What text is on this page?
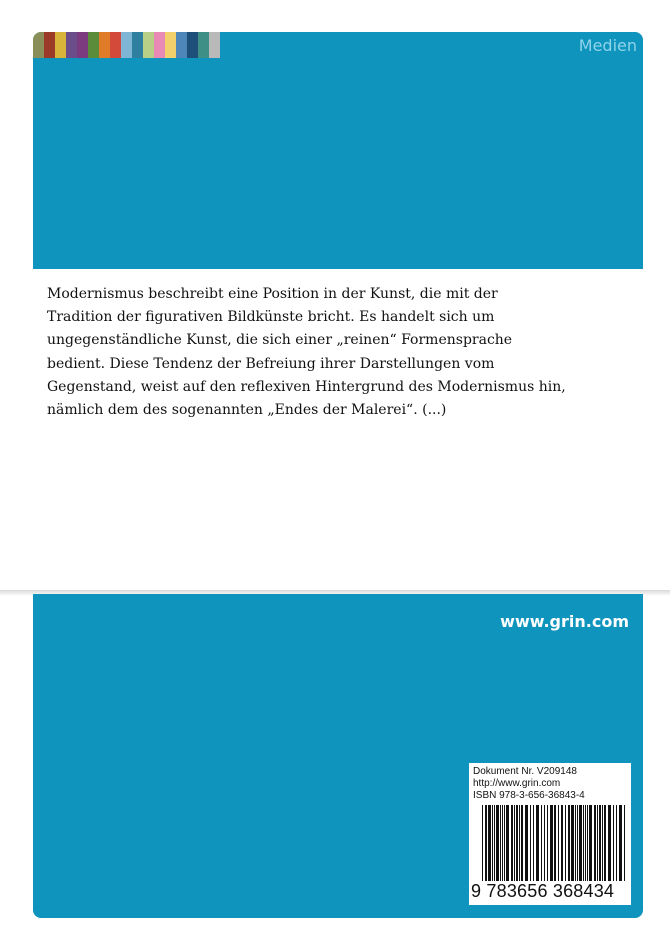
Medien

Modernismus beschreibt eine Position in der Kunst, die mit der Tradition der figurativen Bildkünste bricht. Es handelt sich um ungegenständliche Kunst, die sich einer „reinen“ Formensprache bedient. Diese Tendenz der Befreiung ihrer Darstellungen vom Gegenstand, weist auf den reflexiven Hintergrund des Modernismus hin, nämlich dem des sogenannten „Endes der Malerei“. (...)

www.grin.com
Dokument Nr. V209148
http://www.grin.com
ISBN 978-3-656-36843-4
9 783656 368434
